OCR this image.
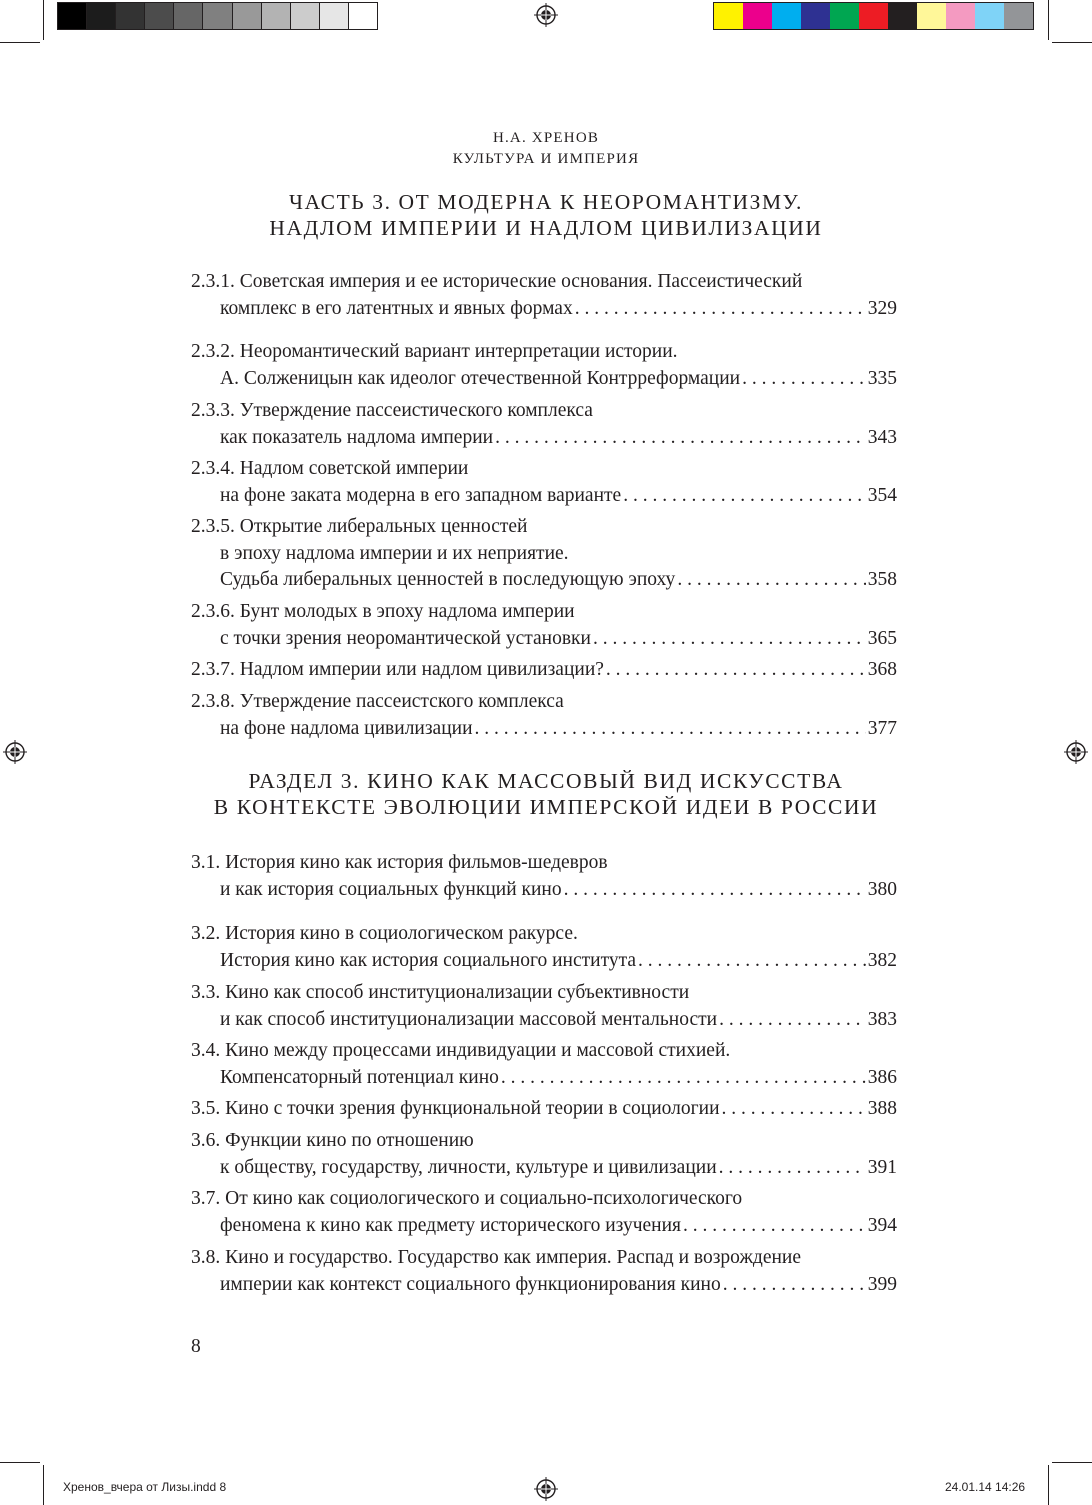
Хренов_вчера от Лизы.indd 8	24.01.14 14:26
Н.А. ХРЕНОВ
КУЛЬТУРА И ИМПЕРИЯ
ЧАСТЬ 3. ОТ МОДЕРНА К НЕОРОМАНТИЗМУ.
НАДЛОМ ИМПЕРИИ И НАДЛОМ ЦИВИЛИЗАЦИИ
2.3.1. Советская империя и ее исторические основания. Пассеистический
комплекс в его латентных и явных формах . . .	329
2.3.2. Неоромантический вариант интерпретации истории.
А. Солженицын как идеолог отечественной Контрреформации . . .	335
2.3.3. Утверждение пассеистического комплекса
как показатель надлома империи . . .	343
2.3.4. Надлом советской империи
на фоне заката модерна в его западном варианте . . .	354
2.3.5. Открытие либеральных ценностей
в эпоху надлома империи и их неприятие.
Судьба либеральных ценностей в последующую эпоху . . .	358
2.3.6. Бунт молодых в эпоху надлома империи
с точки зрения неоромантической установки . . .	365
2.3.7. Надлом империи или надлом цивилизации? . . .	368
2.3.8. Утверждение пассеистского комплекса
на фоне надлома цивилизации . . .	377
РАЗДЕЛ 3. КИНО КАК МАССОВЫЙ ВИД ИСКУССТВА
В КОНТЕКСТЕ ЭВОЛЮЦИИ ИМПЕРСКОЙ ИДЕИ В РОССИИ
3.1. История кино как история фильмов-шедевров
и как история социальных функций кино . . .	380
3.2. История кино в социологическом ракурсе.
История кино как история социального института . . .	382
3.3. Кино как способ институционализации субъективности
и как способ институционализации массовой ментальности . . .	383
3.4. Кино между процессами индивидуации и массовой стихией.
Компенсаторный потенциал кино . . .	386
3.5. Кино с точки зрения функциональной теории в социологии . . .	388
3.6. Функции кино по отношению
к обществу, государству, личности, культуре и цивилизации . . .	391
3.7. От кино как социологического и социально-психологического
феномена к кино как предмету исторического изучения . . .	394
3.8. Кино и государство. Государство как империя. Распад и возрождение
империи как контекст социального функционирования кино . . .	399
8
